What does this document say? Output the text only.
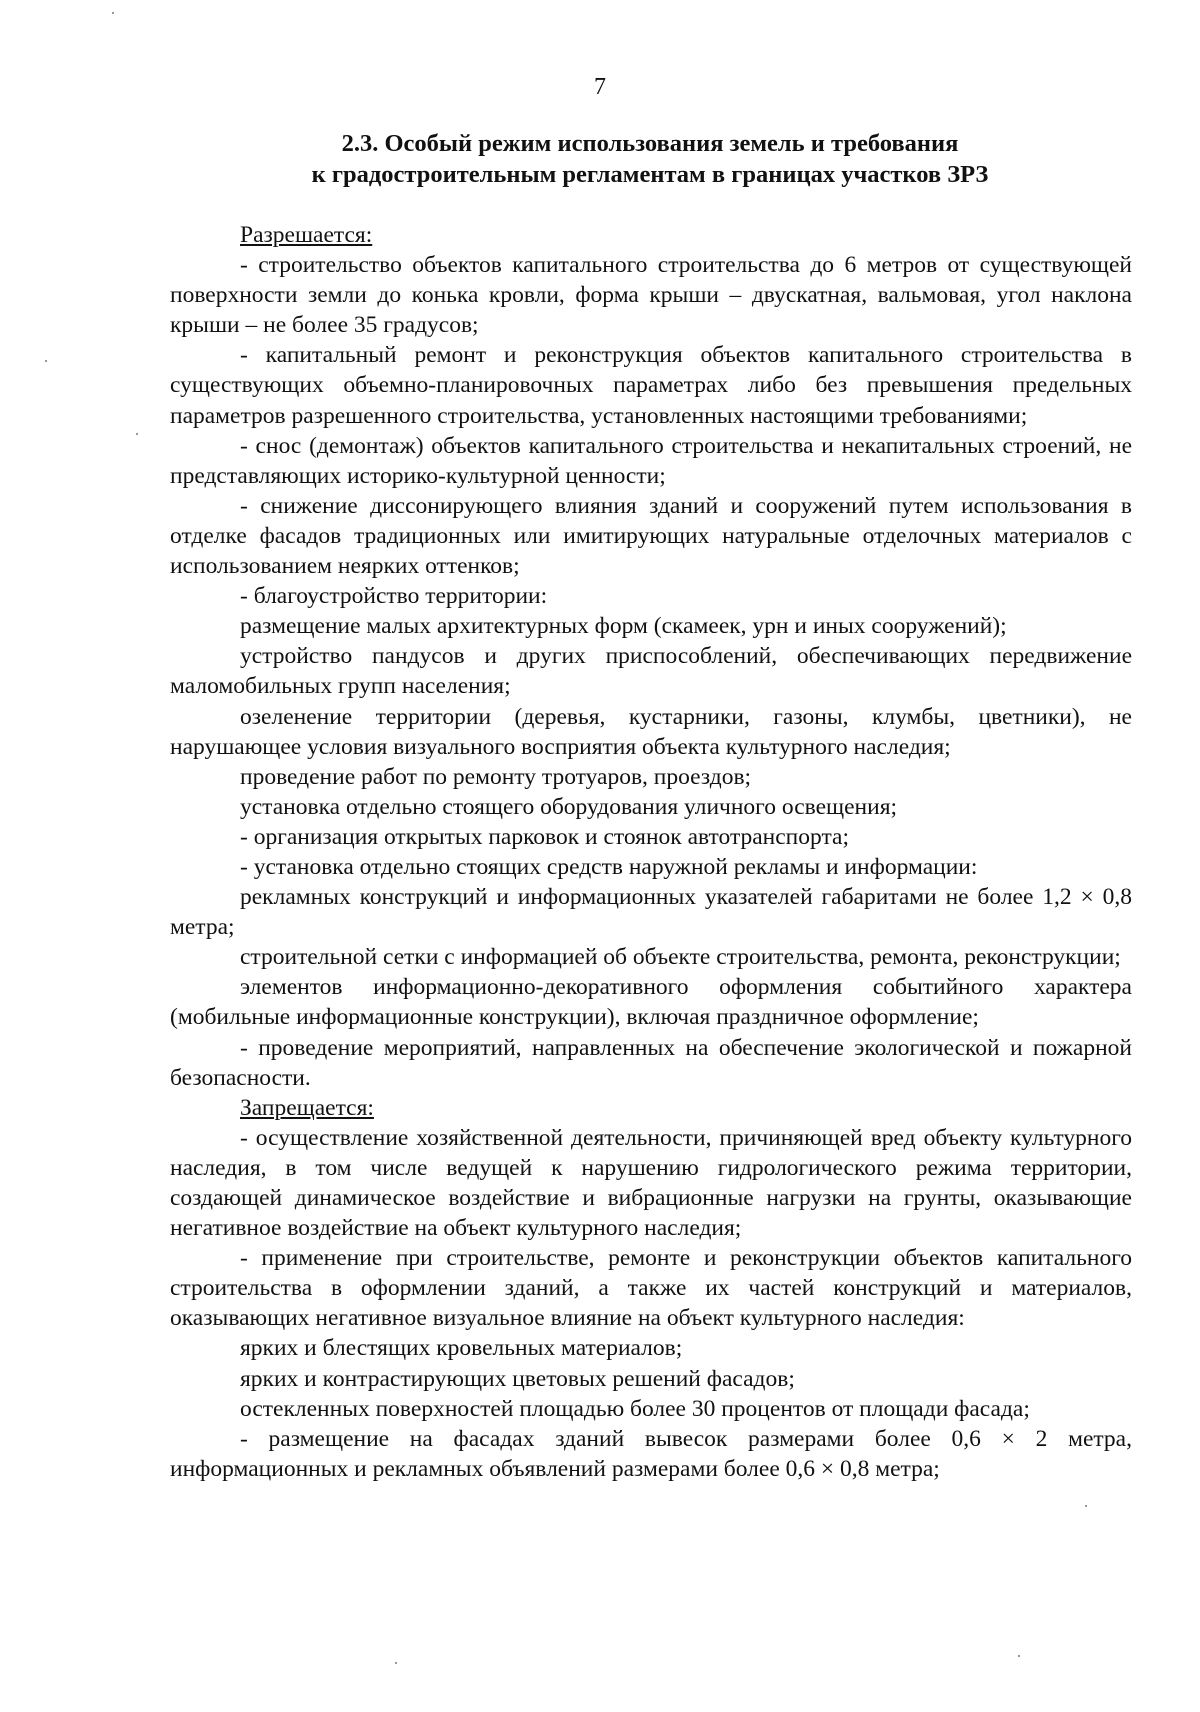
7
2.3. Особый режим использования земель и требования
к градостроительным регламентам в границах участков ЗРЗ

Разрешается:

- строительство объектов капитального строительства до 6 метров от существующей поверхности земли до конька кровли, форма крыши – двускатная, вальмовая, угол наклона крыши – не более 35 градусов;

- капитальный ремонт и реконструкция объектов капитального строительства в существующих объемно-планировочных параметрах либо без превышения предельных параметров разрешенного строительства, установленных настоящими требованиями;

- снос (демонтаж) объектов капитального строительства и некапитальных строений, не представляющих историко-культурной ценности;

- снижение диссонирующего влияния зданий и сооружений путем использования в отделке фасадов традиционных или имитирующих натуральные отделочных материалов с использованием неярких оттенков;

- благоустройство территории:

размещение малых архитектурных форм (скамеек, урн и иных сооружений);

устройство пандусов и других приспособлений, обеспечивающих передвижение маломобильных групп населения;

озеленение территории (деревья, кустарники, газоны, клумбы, цветники), не нарушающее условия визуального восприятия объекта культурного наследия;

проведение работ по ремонту тротуаров, проездов;

установка отдельно стоящего оборудования уличного освещения;

- организация открытых парковок и стоянок автотранспорта;

- установка отдельно стоящих средств наружной рекламы и информации:

рекламных конструкций и информационных указателей габаритами не более 1,2 × 0,8 метра;

строительной сетки с информацией об объекте строительства, ремонта, реконструкции;

элементов информационно-декоративного оформления событийного характера (мобильные информационные конструкции), включая праздничное оформление;

- проведение мероприятий, направленных на обеспечение экологической и пожарной безопасности.

Запрещается:

- осуществление хозяйственной деятельности, причиняющей вред объекту культурного наследия, в том числе ведущей к нарушению гидрологического режима территории, создающей динамическое воздействие и вибрационные нагрузки на грунты, оказывающие негативное воздействие на объект культурного наследия;

- применение при строительстве, ремонте и реконструкции объектов капитального строительства в оформлении зданий, а также их частей конструкций и материалов, оказывающих негативное визуальное влияние на объект культурного наследия:

ярких и блестящих кровельных материалов;

ярких и контрастирующих цветовых решений фасадов;

остекленных поверхностей площадью более 30 процентов от площади фасада;

- размещение на фасадах зданий вывесок размерами более 0,6 × 2 метра, информационных и рекламных объявлений размерами более 0,6 × 0,8 метра;
